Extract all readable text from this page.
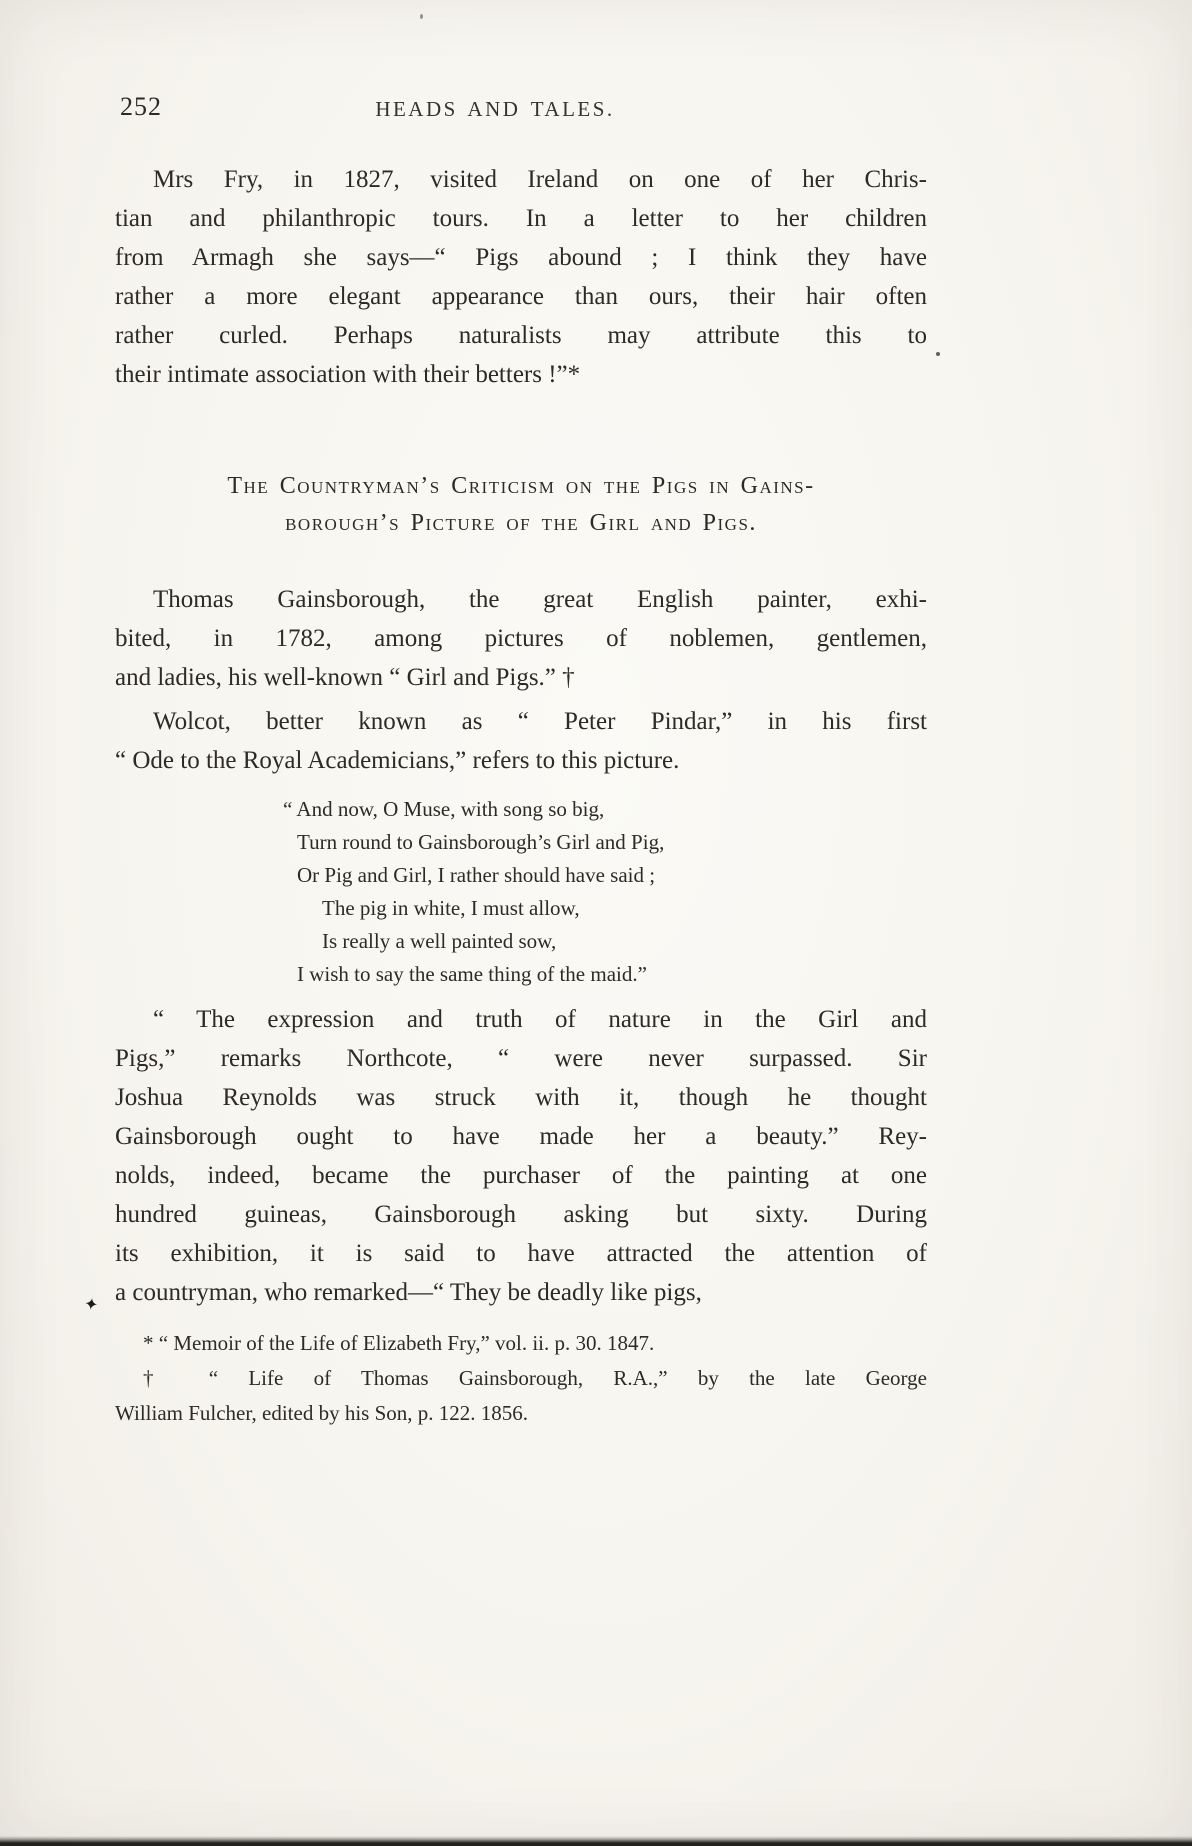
252	HEADS AND TALES.
Mrs Fry, in 1827, visited Ireland on one of her Chris-
tian and philanthropic tours. In a letter to her children
from Armagh she says—“ Pigs abound ; I think they have
rather a more elegant appearance than ours, their hair often
rather curled. Perhaps naturalists may attribute this to
their intimate association with their betters !”*
The Countryman’s Criticism on the Pigs in Gains-
borough’s Picture of the Girl and Pigs.
Thomas Gainsborough, the great English painter, exhi-
bited, in 1782, among pictures of noblemen, gentlemen,
and ladies, his well-known “ Girl and Pigs.” †
Wolcot, better known as “ Peter Pindar,” in his first
“ Ode to the Royal Academicians,” refers to this picture.
“ And now, O Muse, with song so big,
Turn round to Gainsborough’s Girl and Pig,
Or Pig and Girl, I rather should have said ;
The pig in white, I must allow,
Is really a well painted sow,
I wish to say the same thing of the maid.”
“ The expression and truth of nature in the Girl and
Pigs,” remarks Northcote, “ were never surpassed. Sir
Joshua Reynolds was struck with it, though he thought
Gainsborough ought to have made her a beauty.” Rey-
nolds, indeed, became the purchaser of the painting at one
hundred guineas, Gainsborough asking but sixty. During
its exhibition, it is said to have attracted the attention of
a countryman, who remarked—“ They be deadly like pigs,
✦
* “ Memoir of the Life of Elizabeth Fry,” vol. ii. p. 30. 1847.
† “ Life of Thomas Gainsborough, R.A.,” by the late George
William Fulcher, edited by his Son, p. 122. 1856.
